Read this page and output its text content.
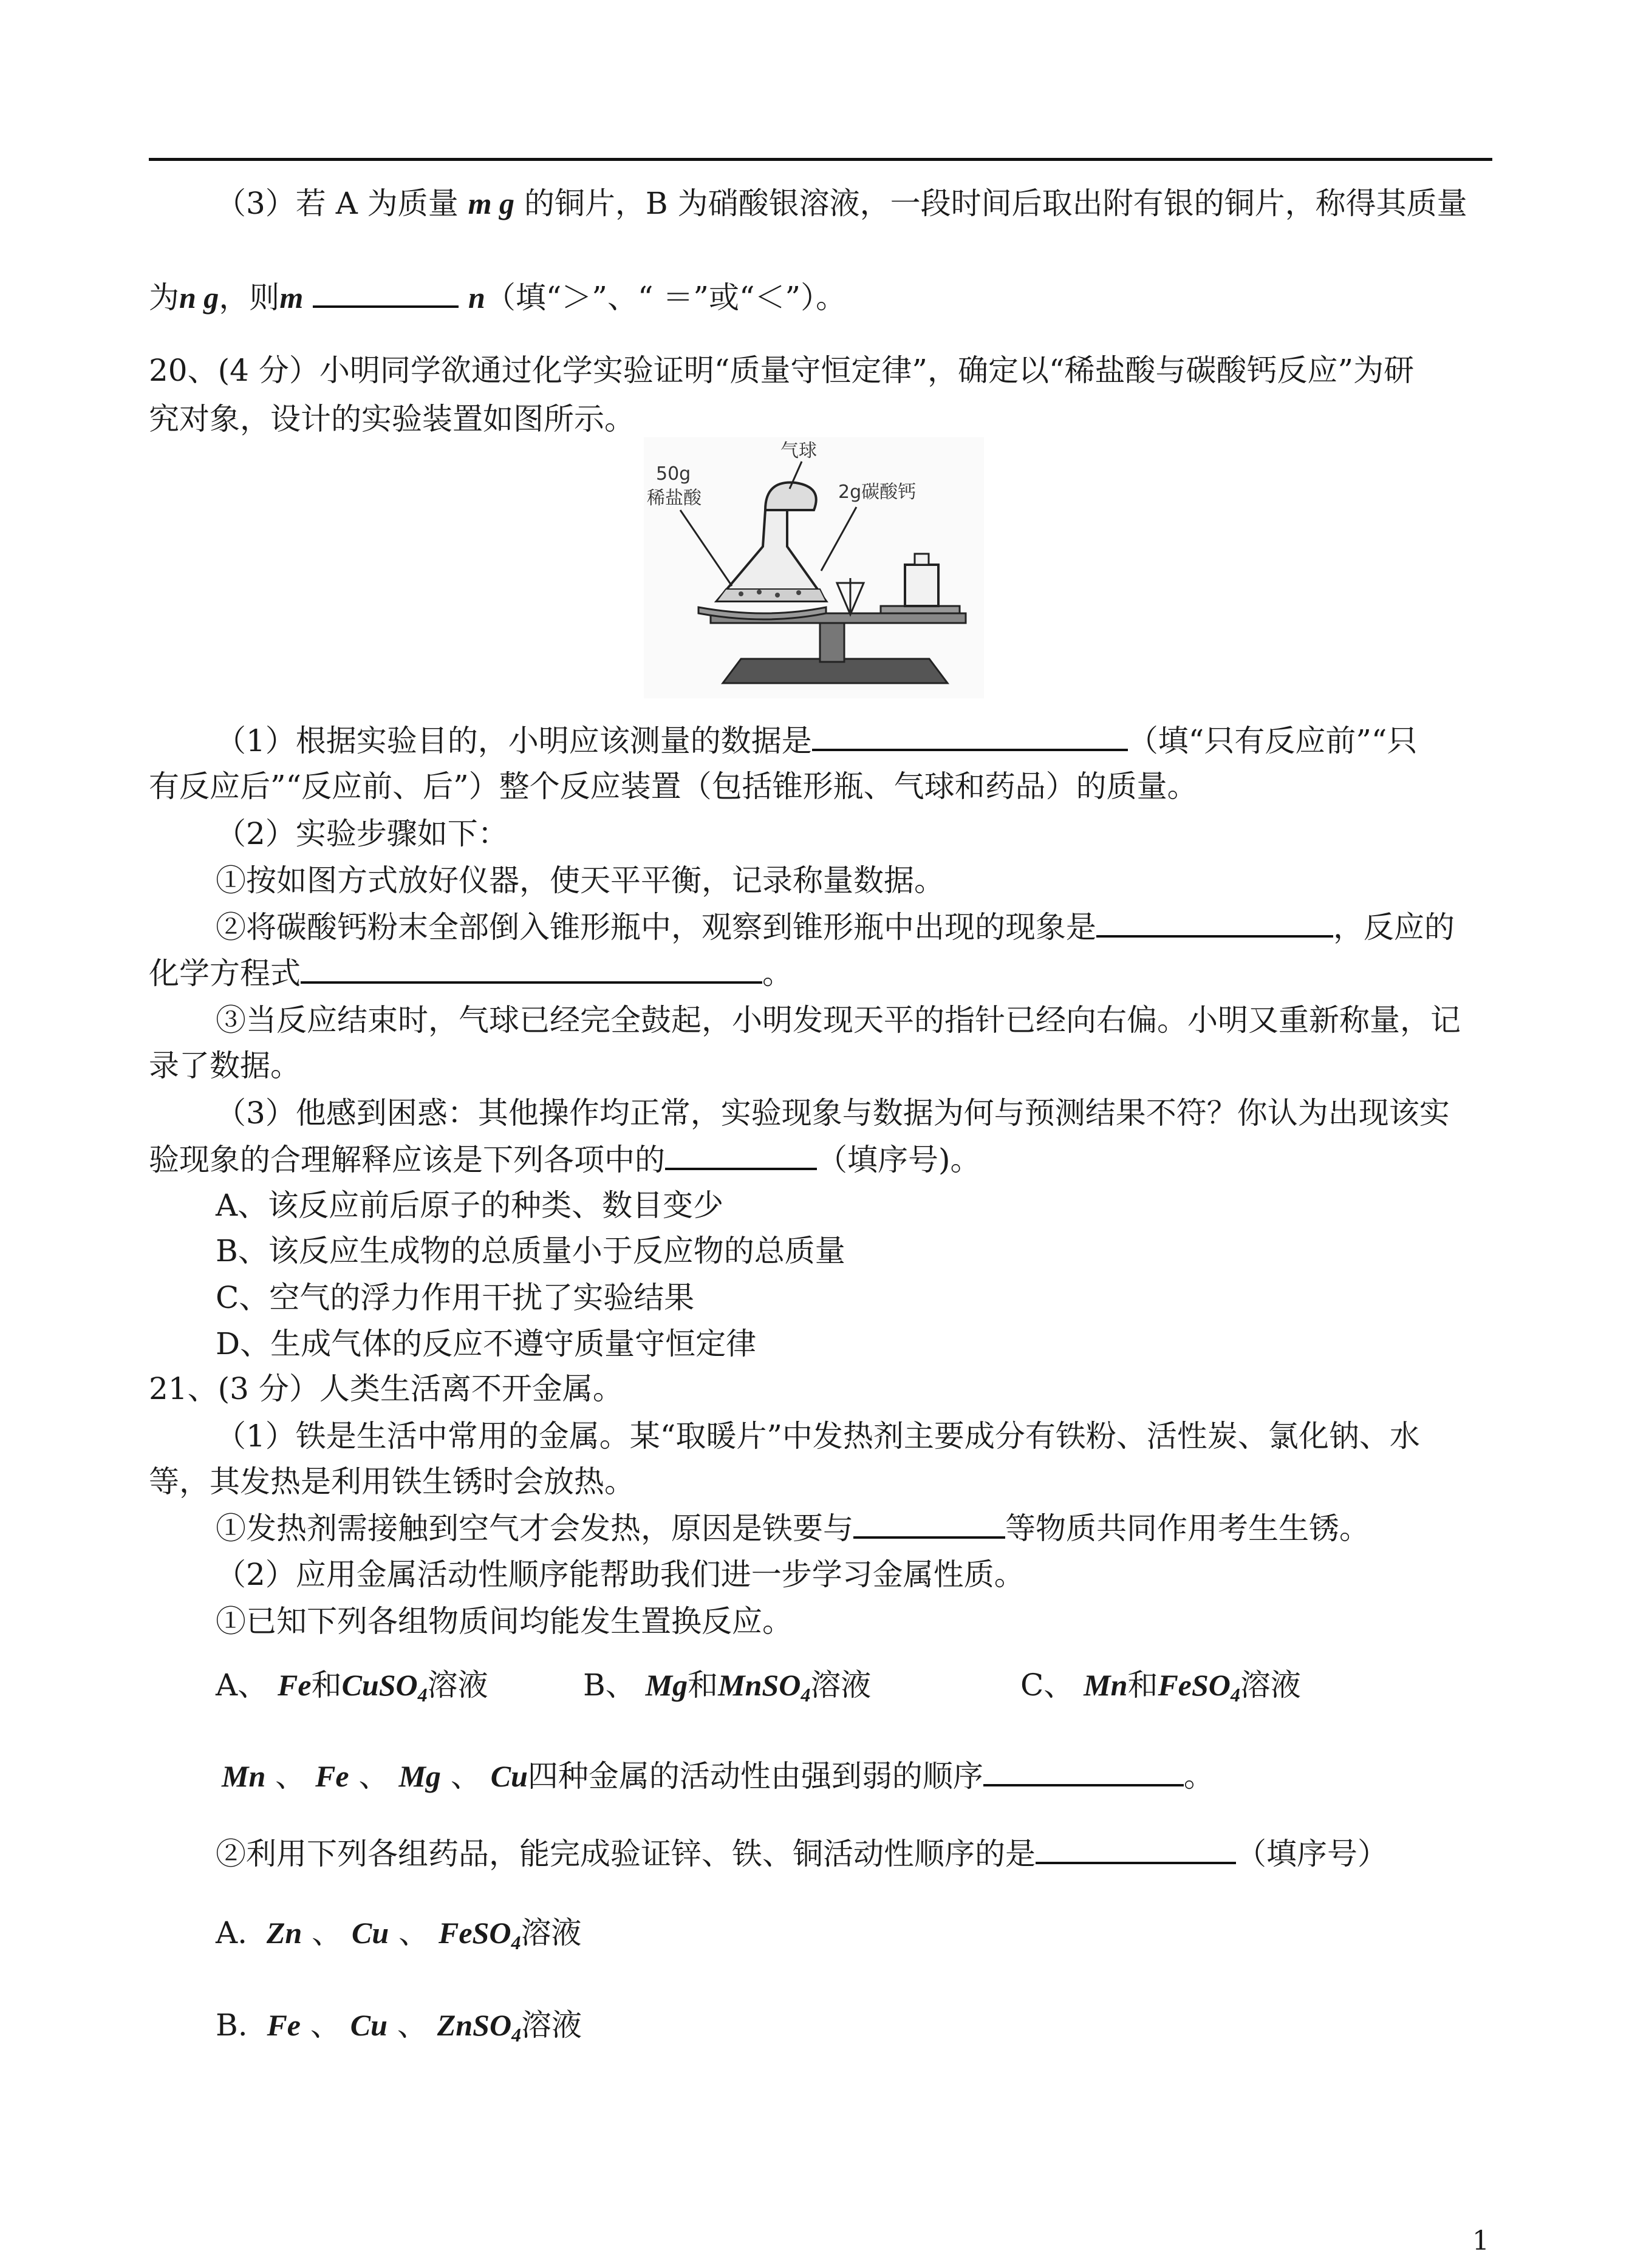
（3）若 A 为质量 m g 的铜片，B 为硝酸银溶液，一段时间后取出附有银的铜片，称得其质量
为n g，则m	n（填“＞”、“ ＝”或“＜”）。
20、(4 分）小明同学欲通过化学实验证明“质量守恒定律”，确定以“稀盐酸与碳酸钙反应”为研
究对象，设计的实验装置如图所示。
气球
50g
稀盐酸	2g碳酸钙
（1）根据实验目的，小明应该测量的数据是	（填“只有反应前”“只
有反应后”“反应前、后”）整个反应装置（包括锥形瓶、气球和药品）的质量。
（2）实验步骤如下：
①按如图方式放好仪器，使天平平衡，记录称量数据。
②将碳酸钙粉末全部倒入锥形瓶中，观察到锥形瓶中出现的现象是	，反应的
化学方程式	。
③当反应结束时，气球已经完全鼓起，小明发现天平的指针已经向右偏。小明又重新称量，记
录了数据。
（3）他感到困惑：其他操作均正常，实验现象与数据为何与预测结果不符？你认为出现该实
验现象的合理解释应该是下列各项中的	（填序号)。
A、该反应前后原子的种类、数目变少
B、该反应生成物的总质量小于反应物的总质量
C、空气的浮力作用干扰了实验结果
D、生成气体的反应不遵守质量守恒定律
21、(3 分）人类生活离不开金属。
（1）铁是生活中常用的金属。某“取暖片”中发热剂主要成分有铁粉、活性炭、氯化钠、水
等，其发热是利用铁生锈时会放热。
①发热剂需接触到空气才会发热，原因是铁要与	等物质共同作用考生生锈。
（2）应用金属活动性顺序能帮助我们进一步学习金属性质。
①已知下列各组物质间均能发生置换反应。
A、 Fe和CuSO$_4$溶液	B、 Mg和MnSO$_4$溶液	C、 Mn和FeSO$_4$溶液
Mn 、 Fe 、 Mg 、 Cu四种金属的活动性由强到弱的顺序	。
②利用下列各组药品，能完成验证锌、铁、铜活动性顺序的是	（填序号）
A. Zn 、 Cu 、 FeSO$_4$溶液
B. Fe 、 Cu 、 ZnSO$_4$溶液
1
